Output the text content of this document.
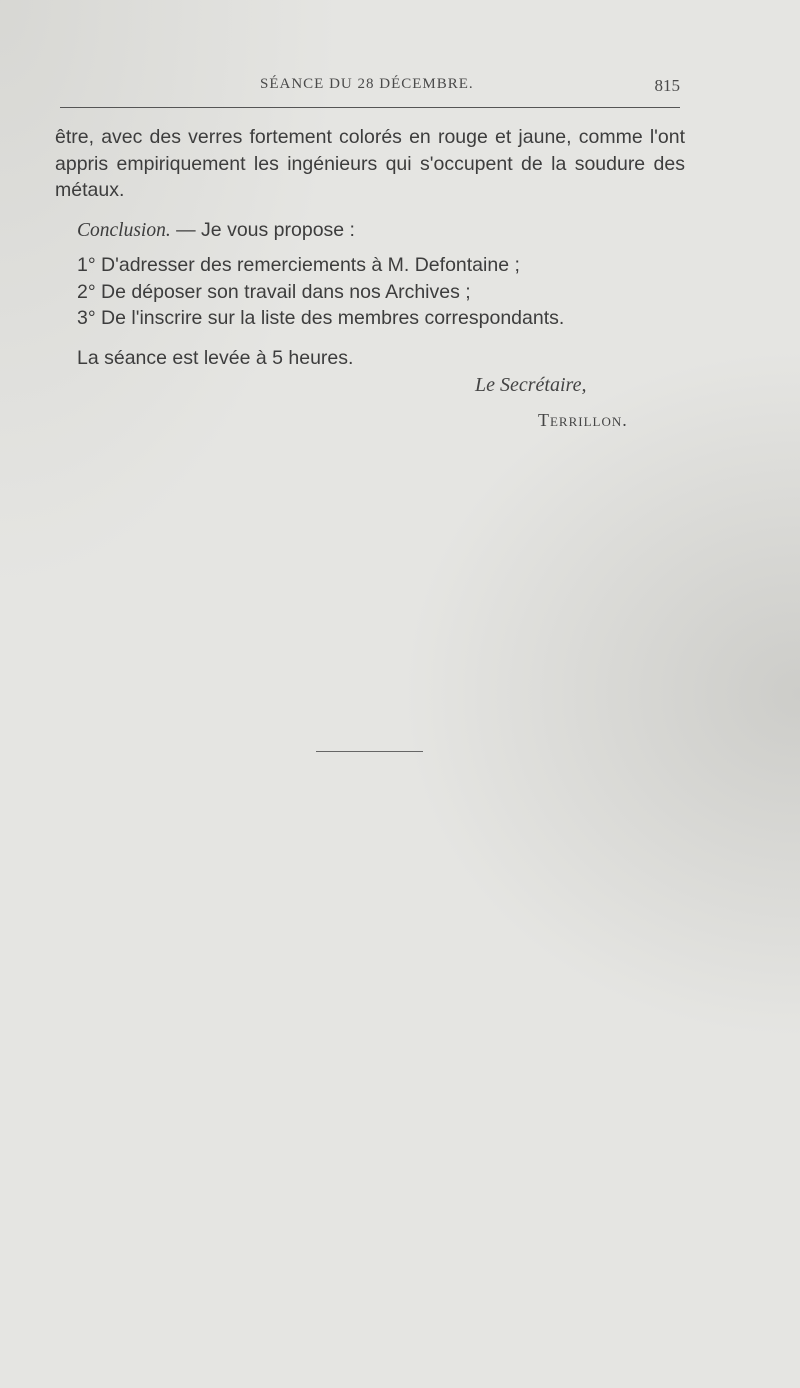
SÉANCE DU 28 DÉCEMBRE.	815

être, avec des verres fortement colorés en rouge et jaune, comme l'ont appris empiriquement les ingénieurs qui s'occupent de la soudure des métaux.

Conclusion. — Je vous propose :

1° D'adresser des remerciements à M. Defontaine ;

2° De déposer son travail dans nos Archives ;

3° De l'inscrire sur la liste des membres correspondants.

La séance est levée à 5 heures.

Le Secrétaire,
Terrillon.
